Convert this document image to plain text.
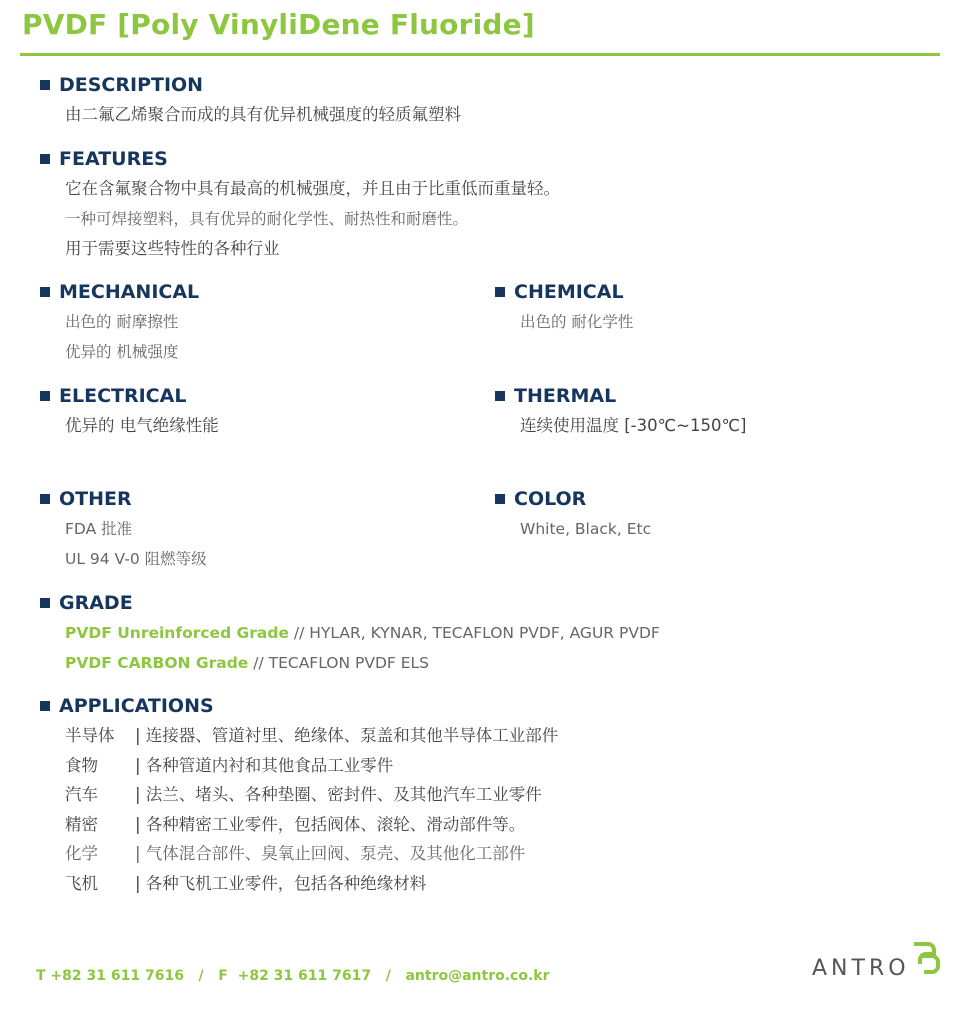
PVDF [Poly VinyliDene Fluoride]
DESCRIPTION
由二氟乙烯聚合而成的具有优异机械强度的轻质氟塑料
FEATURES
它在含氟聚合物中具有最高的机械强度，并且由于比重低而重量轻。
一种可焊接塑料，具有优异的耐化学性、耐热性和耐磨性。
用于需要这些特性的各种行业
MECHANICAL
出色的 耐摩擦性
优异的 机械强度
CHEMICAL
出色的 耐化学性
ELECTRICAL
优异的 电气绝缘性能
THERMAL
连续使用温度 [-30℃~150℃]
OTHER
FDA 批准
UL 94 V-0 阻燃等级
COLOR
White, Black, Etc
GRADE
PVDF Unreinforced Grade // HYLAR, KYNAR, TECAFLON PVDF, AGUR PVDF
PVDF CARBON Grade // TECAFLON PVDF ELS
APPLICATIONS
半导体	| 连接器、管道衬里、绝缘体、泵盖和其他半导体工业部件
食物	| 各种管道内衬和其他食品工业零件
汽车	| 法兰、堵头、各种垫圈、密封件、及其他汽车工业零件
精密	| 各种精密工业零件，包括阀体、滚轮、滑动部件等。
化学	| 气体混合部件、臭氧止回阀、泵壳、及其他化工部件
飞机	| 各种飞机工业零件，包括各种绝缘材料
T +82 31 611 7616   /   F  +82 31 611 7617   /   antro@antro.co.kr	ANTRO
